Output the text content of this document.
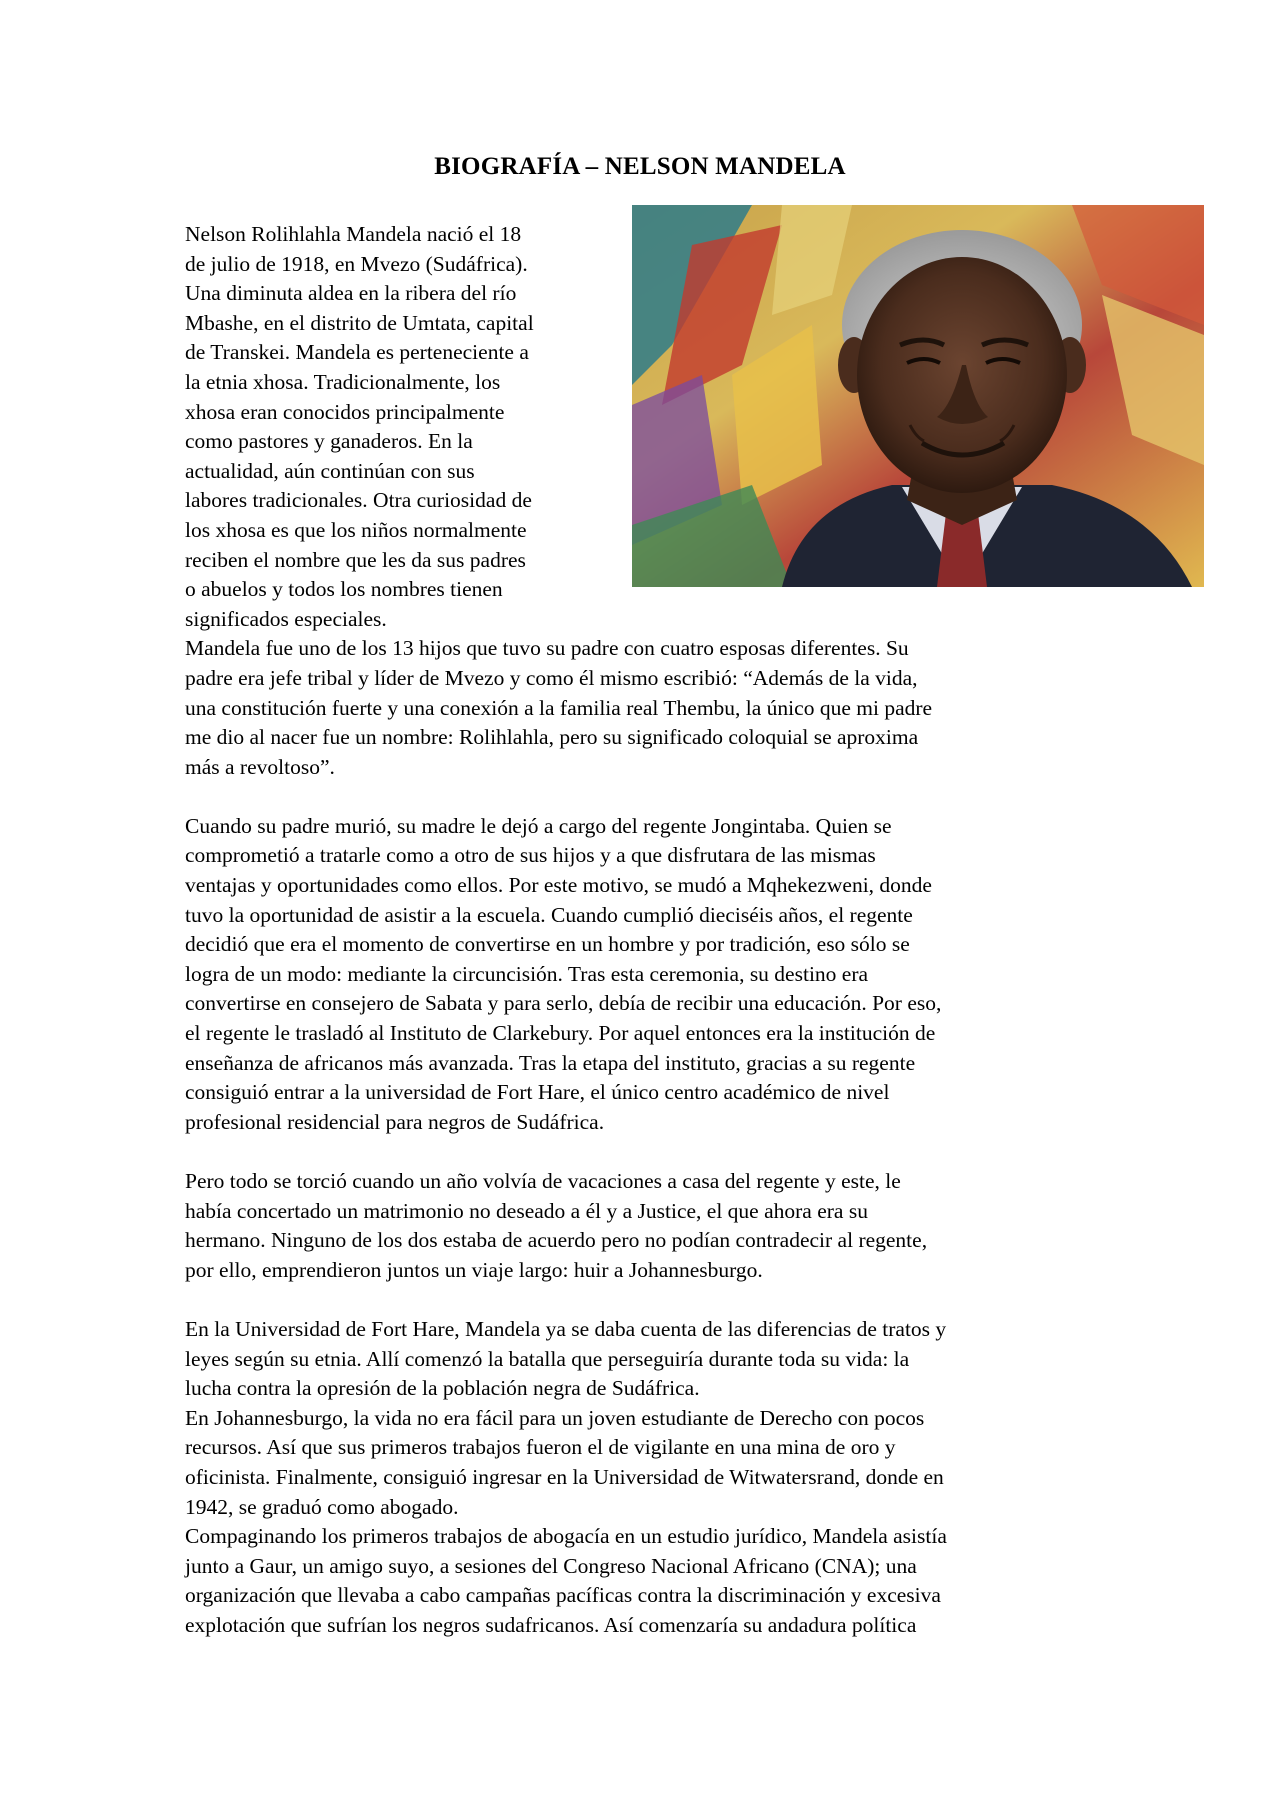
BIOGRAFÍA – NELSON MANDELA
Nelson Rolihlahla Mandela nació el 18
de julio de 1918, en Mvezo (Sudáfrica).
Una diminuta aldea en la ribera del río
Mbashe, en el distrito de Umtata, capital
de Transkei. Mandela es perteneciente a
la etnia xhosa. Tradicionalmente, los
xhosa eran conocidos principalmente
como pastores y ganaderos. En la
actualidad, aún continúan con sus
labores tradicionales. Otra curiosidad de
los xhosa es que los niños normalmente
reciben el nombre que les da sus padres
o abuelos y todos los nombres tienen
significados especiales.
Mandela fue uno de los 13 hijos que tuvo su padre con cuatro esposas diferentes. Su
padre era jefe tribal y líder de Mvezo y como él mismo escribió: “Además de la vida,
una constitución fuerte y una conexión a la familia real Thembu, la único que mi padre
me dio al nacer fue un nombre: Rolihlahla, pero su significado coloquial se aproxima
más a revoltoso”.
Cuando su padre murió, su madre le dejó a cargo del regente Jongintaba. Quien se
comprometió a tratarle como a otro de sus hijos y a que disfrutara de las mismas
ventajas y oportunidades como ellos. Por este motivo, se mudó a Mqhekezweni, donde
tuvo la oportunidad de asistir a la escuela. Cuando cumplió dieciséis años, el regente
decidió que era el momento de convertirse en un hombre y por tradición, eso sólo se
logra de un modo: mediante la circuncisión. Tras esta ceremonia, su destino era
convertirse en consejero de Sabata y para serlo, debía de recibir una educación. Por eso,
el regente le trasladó al Instituto de Clarkebury. Por aquel entonces era la institución de
enseñanza de africanos más avanzada. Tras la etapa del instituto, gracias a su regente
consiguió entrar a la universidad de Fort Hare, el único centro académico de nivel
profesional residencial para negros de Sudáfrica.
Pero todo se torció cuando un año volvía de vacaciones a casa del regente y este, le
había concertado un matrimonio no deseado a él y a Justice, el que ahora era su
hermano. Ninguno de los dos estaba de acuerdo pero no podían contradecir al regente,
por ello, emprendieron juntos un viaje largo: huir a Johannesburgo.
En la Universidad de Fort Hare, Mandela ya se daba cuenta de las diferencias de tratos y
leyes según su etnia. Allí comenzó la batalla que perseguiría durante toda su vida: la
lucha contra la opresión de la población negra de Sudáfrica.
En Johannesburgo, la vida no era fácil para un joven estudiante de Derecho con pocos
recursos. Así que sus primeros trabajos fueron el de vigilante en una mina de oro y
oficinista. Finalmente, consiguió ingresar en la Universidad de Witwatersrand, donde en
1942, se graduó como abogado.
Compaginando los primeros trabajos de abogacía en un estudio jurídico, Mandela asistía
junto a Gaur, un amigo suyo, a sesiones del Congreso Nacional Africano (CNA); una
organización que llevaba a cabo campañas pacíficas contra la discriminación y excesiva
explotación que sufrían los negros sudafricanos. Así comenzaría su andadura política
